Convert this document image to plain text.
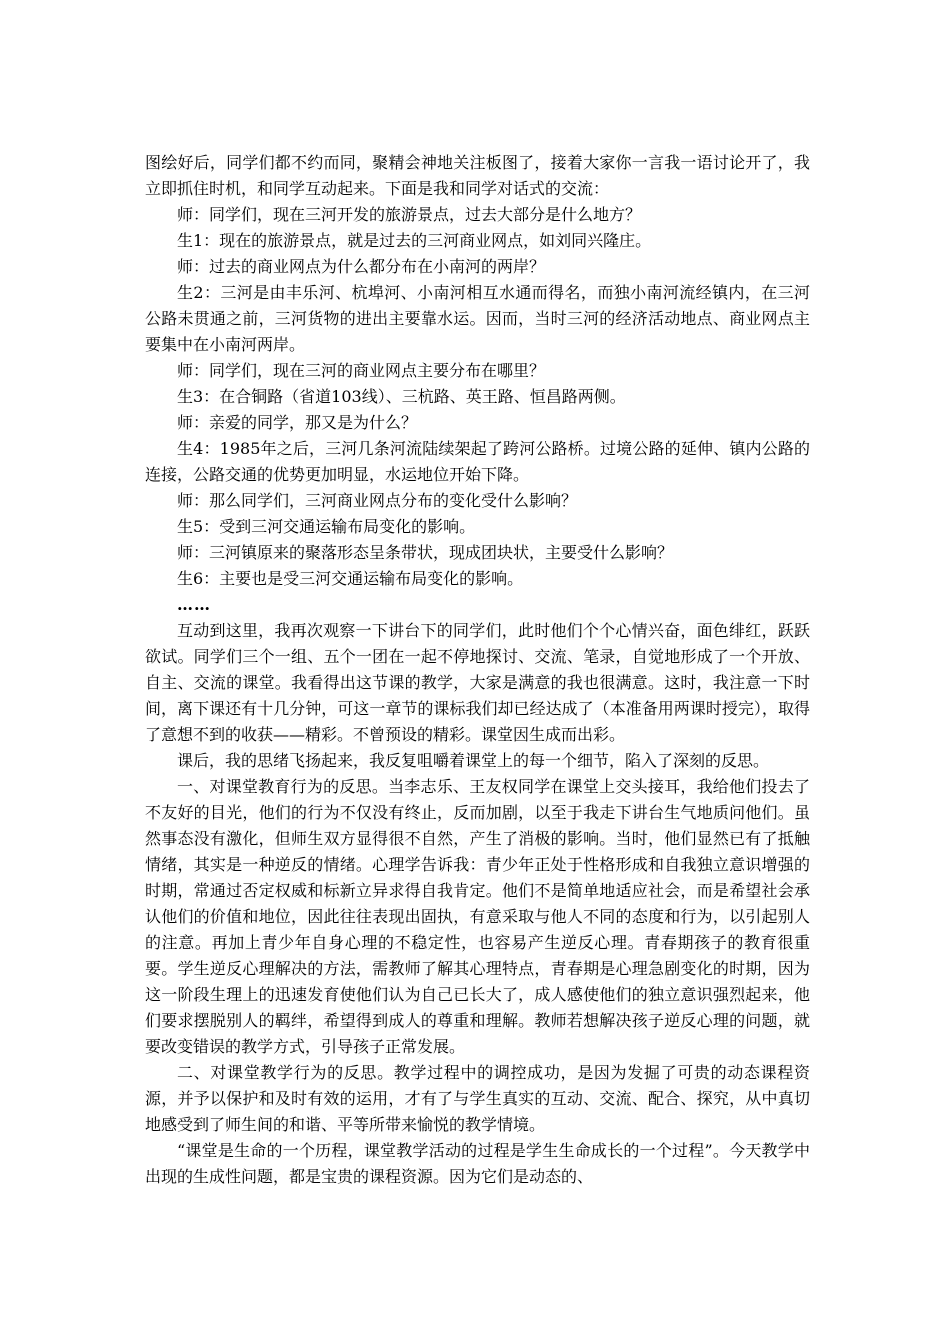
图绘好后，同学们都不约而同，聚精会神地关注板图了，接着大家你一言我一语讨论开了，我立即抓住时机，和同学互动起来。下面是我和同学对话式的交流：

师：同学们，现在三河开发的旅游景点，过去大部分是什么地方？

生1：现在的旅游景点，就是过去的三河商业网点，如刘同兴隆庄。

师：过去的商业网点为什么都分布在小南河的两岸？

生2：三河是由丰乐河、杭埠河、小南河相互水通而得名，而独小南河流经镇内，在三河公路未贯通之前，三河货物的进出主要靠水运。因而，当时三河的经济活动地点、商业网点主要集中在小南河两岸。

师：同学们，现在三河的商业网点主要分布在哪里？

生3：在合铜路（省道103线）、三杭路、英王路、恒昌路两侧。

师：亲爱的同学，那又是为什么？

生4：1985年之后，三河几条河流陆续架起了跨河公路桥。过境公路的延伸、镇内公路的连接，公路交通的优势更加明显，水运地位开始下降。

师：那么同学们，三河商业网点分布的变化受什么影响？

生5：受到三河交通运输布局变化的影响。

师：三河镇原来的聚落形态呈条带状，现成团块状，主要受什么影响？

生6：主要也是受三河交通运输布局变化的影响。

……

互动到这里，我再次观察一下讲台下的同学们，此时他们个个心情兴奋，面色绯红，跃跃欲试。同学们三个一组、五个一团在一起不停地探讨、交流、笔录，自觉地形成了一个开放、自主、交流的课堂。我看得出这节课的教学，大家是满意的我也很满意。这时，我注意一下时间，离下课还有十几分钟，可这一章节的课标我们却已经达成了（本准备用两课时授完），取得了意想不到的收获——精彩。不曾预设的精彩。课堂因生成而出彩。

课后，我的思绪飞扬起来，我反复咀嚼着课堂上的每一个细节，陷入了深刻的反思。

一、对课堂教育行为的反思。当李志乐、王友权同学在课堂上交头接耳，我给他们投去了不友好的目光，他们的行为不仅没有终止，反而加剧，以至于我走下讲台生气地质问他们。虽然事态没有激化，但师生双方显得很不自然，产生了消极的影响。当时，他们显然已有了抵触情绪，其实是一种逆反的情绪。心理学告诉我：青少年正处于性格形成和自我独立意识增强的时期，常通过否定权威和标新立异求得自我肯定。他们不是简单地适应社会，而是希望社会承认他们的价值和地位，因此往往表现出固执，有意采取与他人不同的态度和行为，以引起别人的注意。再加上青少年自身心理的不稳定性，也容易产生逆反心理。青春期孩子的教育很重要。学生逆反心理解决的方法，需教师了解其心理特点，青春期是心理急剧变化的时期，因为这一阶段生理上的迅速发育使他们认为自己已长大了，成人感使他们的独立意识强烈起来，他们要求摆脱别人的羁绊，希望得到成人的尊重和理解。教师若想解决孩子逆反心理的问题，就要改变错误的教学方式，引导孩子正常发展。

二、对课堂教学行为的反思。教学过程中的调控成功，是因为发掘了可贵的动态课程资源，并予以保护和及时有效的运用，才有了与学生真实的互动、交流、配合、探究，从中真切地感受到了师生间的和谐、平等所带来愉悦的教学情境。

“课堂是生命的一个历程，课堂教学活动的过程是学生生命成长的一个过程”。今天教学中出现的生成性问题，都是宝贵的课程资源。因为它们是动态的、
